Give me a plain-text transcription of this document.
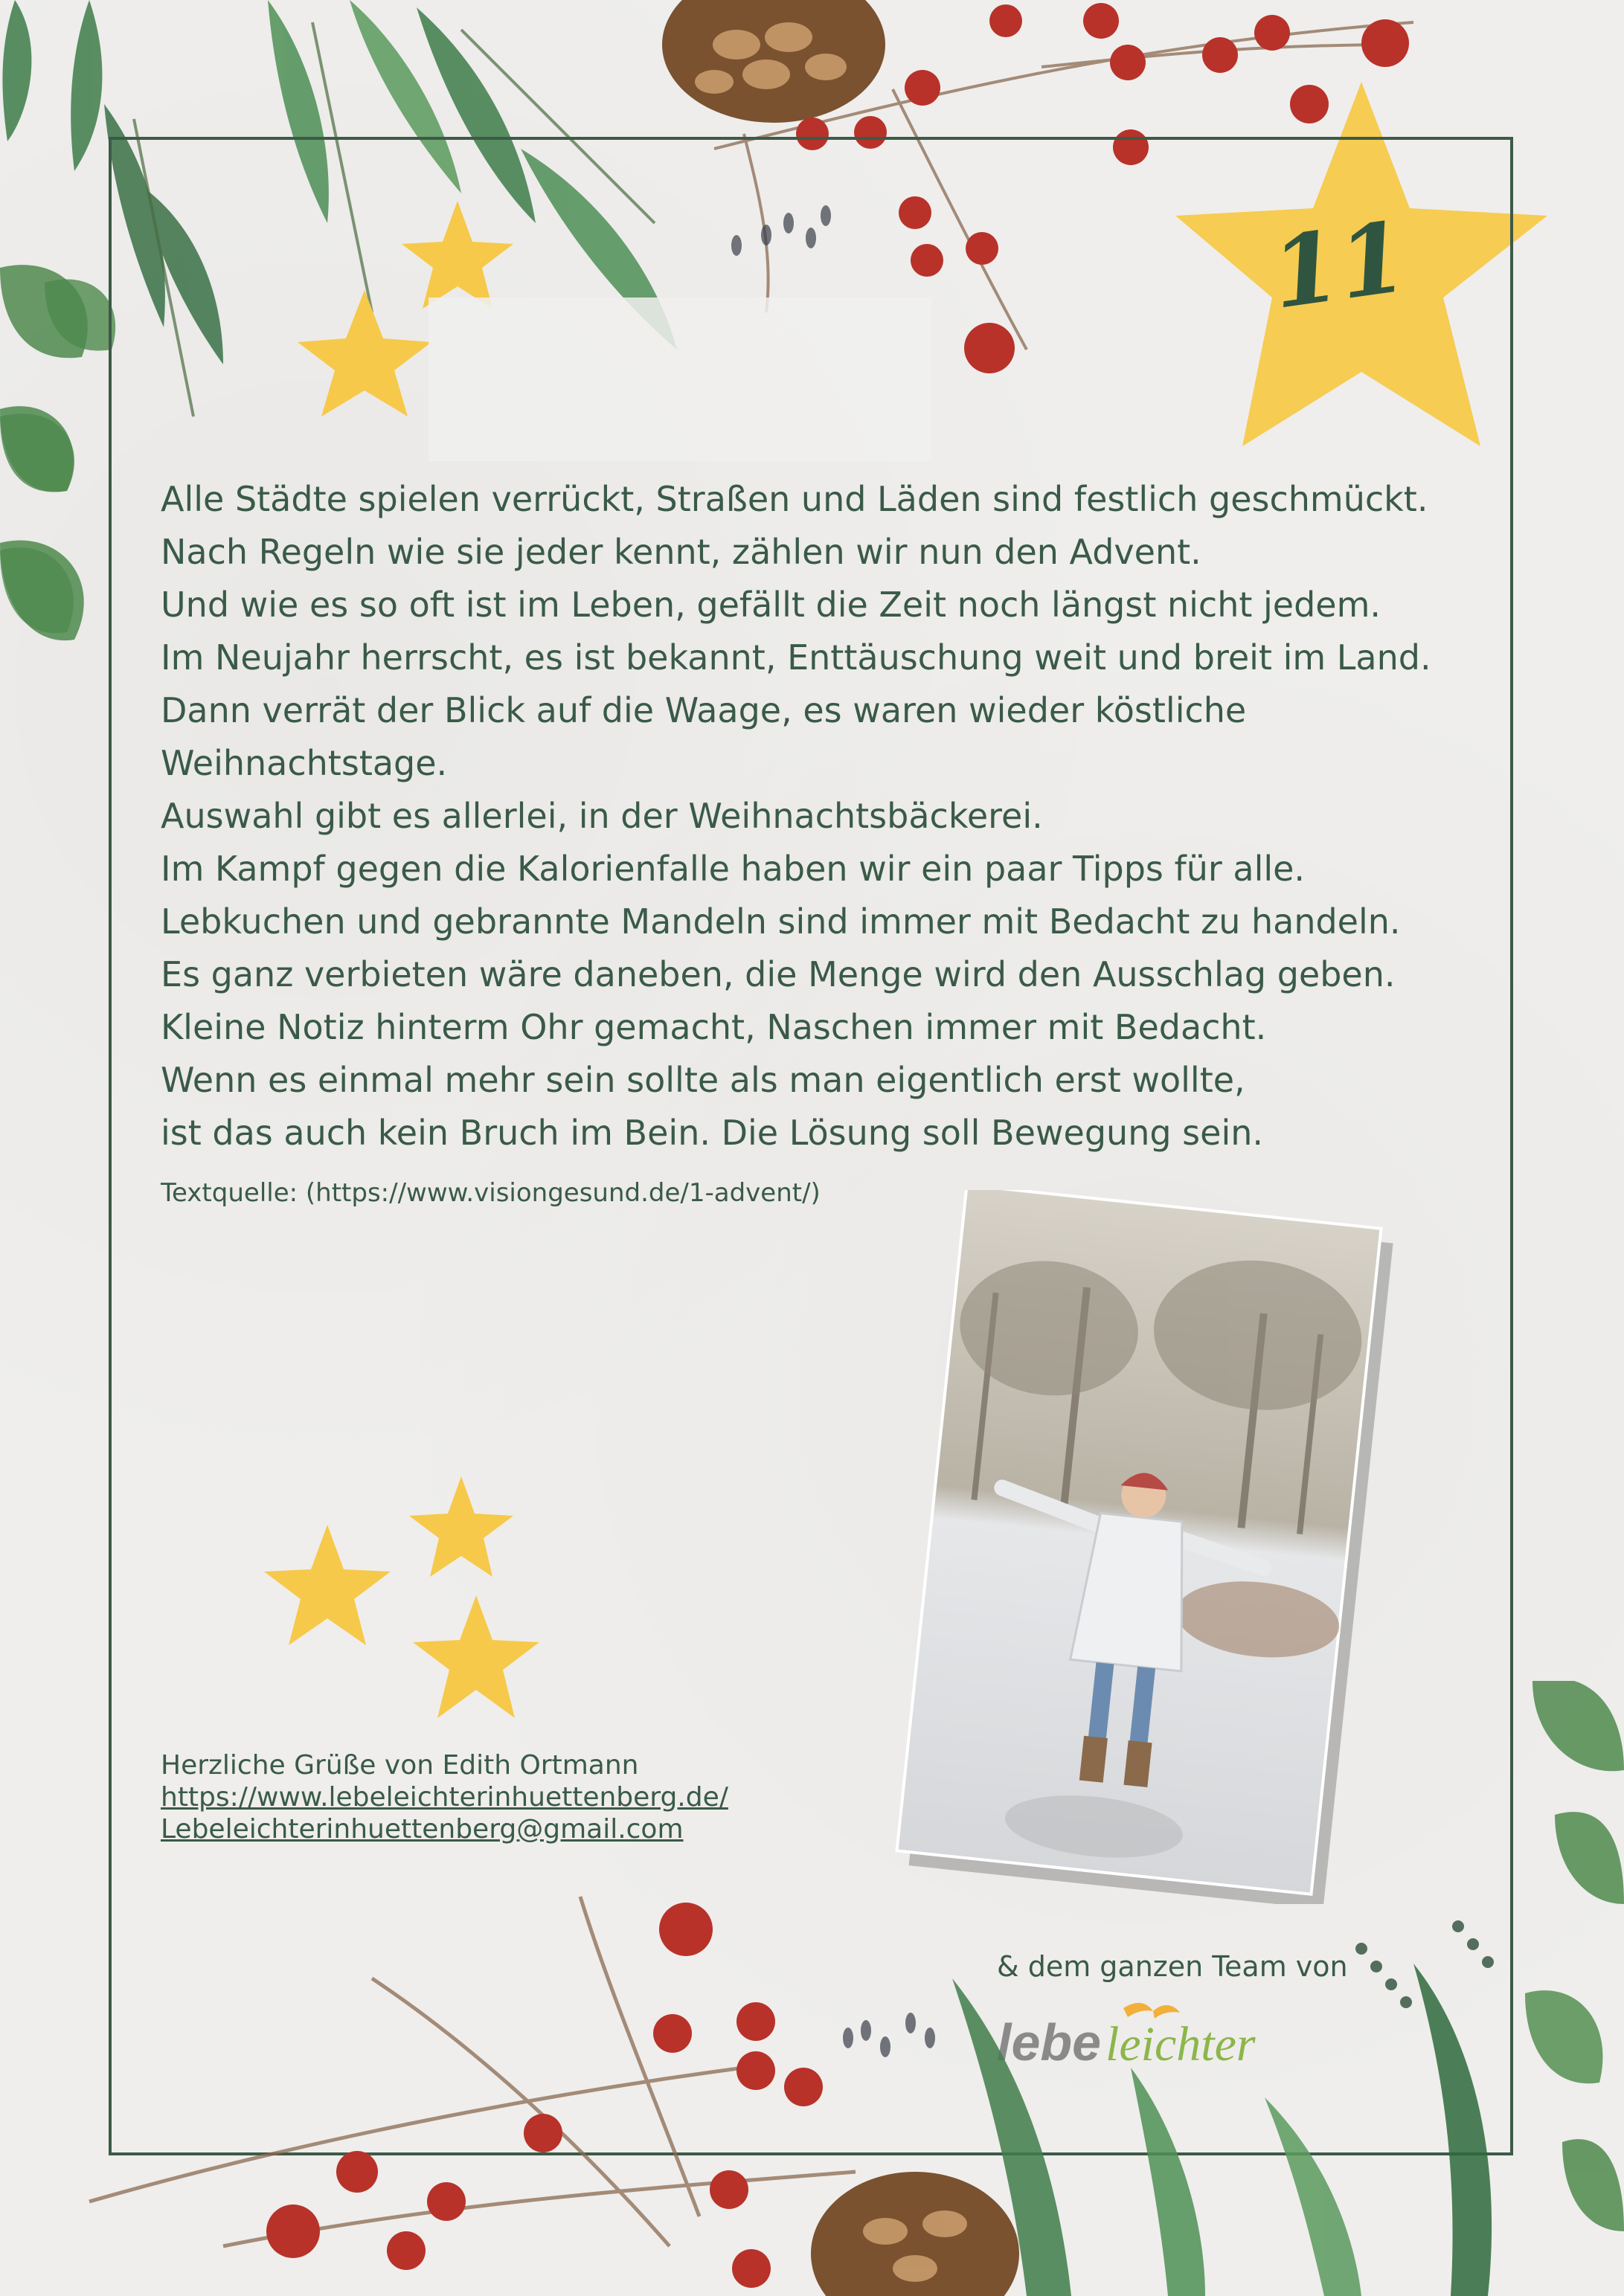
11
Alle Städte spielen verrückt, Straßen und Läden sind festlich geschmückt.
Nach Regeln wie sie jeder kennt, zählen wir nun den Advent.
Und wie es so oft ist im Leben, gefällt die Zeit noch längst nicht jedem.
Im Neujahr herrscht, es ist bekannt, Enttäuschung weit und breit im Land.
Dann verrät der Blick auf die Waage, es waren wieder köstliche
Weihnachtstage.
Auswahl gibt es allerlei, in der Weihnachtsbäckerei.
Im Kampf gegen die Kalorienfalle haben wir ein paar Tipps für alle.
Lebkuchen und gebrannte Mandeln sind immer mit Bedacht zu handeln.
Es ganz verbieten wäre daneben, die Menge wird den Ausschlag geben.
Kleine Notiz hinterm Ohr gemacht, Naschen immer mit Bedacht.
Wenn es einmal mehr sein sollte als man eigentlich erst wollte,
ist das auch kein Bruch im Bein. Die Lösung soll Bewegung sein.
Textquelle: (https://www.visiongesund.de/1-advent/)
Herzliche Grüße von Edith Ortmann
https://www.lebeleichterinhuettenberg.de/
Lebeleichterinhuettenberg@gmail.com
& dem ganzen Team von
lebe leichter
